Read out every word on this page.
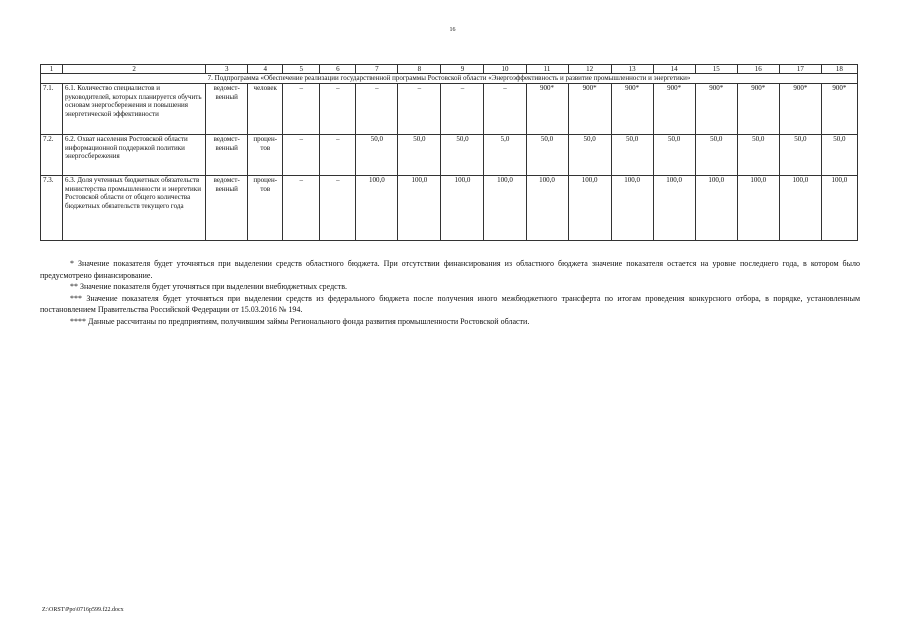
16
1	2	3	4	5	6	7	8	9	10	11	12	13	14	15	16	17	18
7. Подпрограмма «Обеспечение реализации государственной программы Ростовской области «Энергоэффективность и развитие промышленности и энергетики»																	
7.1.	6.1. Количество специалистов и руководителей, которых планируется обучить основам энергосбережения и повышения энергетической эффективности	ведомст-венный	человек	–	–	–	–	–	–	900*	900*	900*	900*	900*	900*	900*	900*
7.2.	6.2. Охват населения Ростовской области информационной поддержкой политики энергосбережения	ведомст-венный	процен-тов	–	–	50,0	50,0	50,0	5,0	50,0	50,0	50,0	50,0	50,0	50,0	50,0	50,0
7.3.	6.3. Доля учтенных бюджетных обязательств министерства промышленности и энергетики Ростовской области от общего количества бюджетных обязательств текущего года	ведомст-венный	процен-тов	–	–	100,0	100,0	100,0	100,0	100,0	100,0	100,0	100,0	100,0	100,0	100,0	100,0

* Значение показателя будет уточняться при выделении средств областного бюджета. При отсутствии финансирования из областного бюджета значение показателя остается на уровне последнего года, в котором было предусмотрено финансирование.

** Значение показателя будет уточняться при выделении внебюджетных средств.

*** Значение показателя будет уточняться при выделении средств из федерального бюджета после получения иного межбюджетного трансферта по итогам проведения конкурсного отбора, в порядке, установленным постановлением Правительства Российской Федерации от 15.03.2016 № 194.

**** Данные рассчитаны по предприятиям, получившим займы Регионального фонда развития промышленности Ростовской области.

Z:\ORST\Ppo\0716p599.f22.docx
